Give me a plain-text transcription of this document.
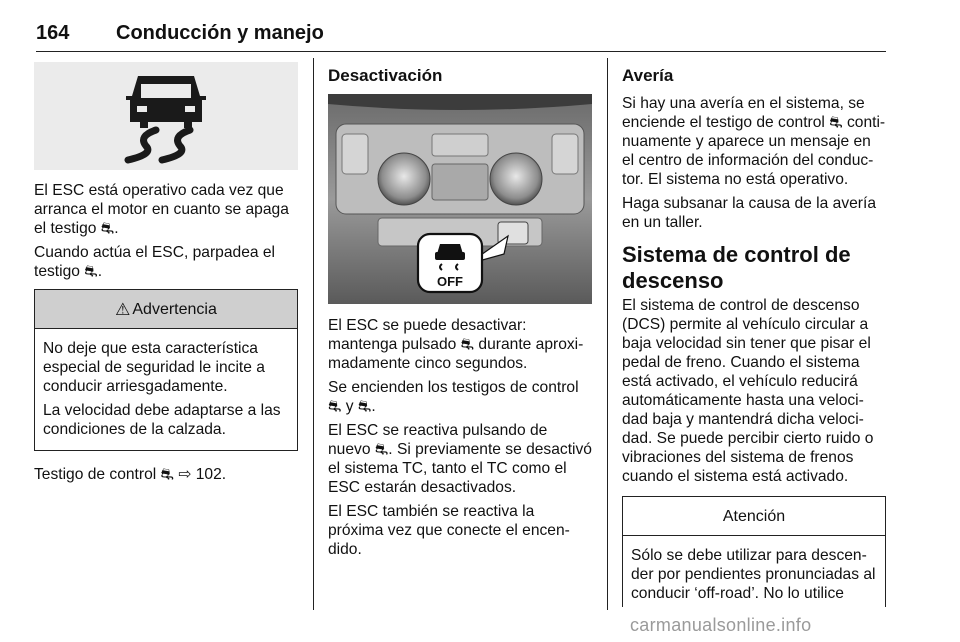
164 Conducción y manejo

El ESC está operativo cada vez que arranca el motor en cuanto se apaga el testigo ⛐.

Cuando actúa el ESC, parpadea el testigo ⛐.

⚠ Advertencia

No deje que esta característica especial de seguridad le incite a conducir arriesgadamente.

La velocidad debe adaptarse a las condiciones de la calzada.

Testigo de control ⛐ ⇨ 102.

Desactivación
OFF

El ESC se puede desactivar: mantenga pulsado ⛐ durante aproxi-madamente cinco segundos.

Se encienden los testigos de control ⛐ y ⛐.

El ESC se reactiva pulsando de nuevo ⛐. Si previamente se desactivó el sistema TC, tanto el TC como el ESC estarán desactivados.

El ESC también se reactiva la próxima vez que conecte el encen-dido.

Avería

Si hay una avería en el sistema, se enciende el testigo de control ⛐ conti-nuamente y aparece un mensaje en el centro de información del conduc-tor. El sistema no está operativo.

Haga subsanar la causa de la avería en un taller.

Sistema de control de descenso

El sistema de control de descenso (DCS) permite al vehículo circular a baja velocidad sin tener que pisar el pedal de freno. Cuando el sistema está activado, el vehículo reducirá automáticamente hasta una veloci-dad baja y mantendrá dicha veloci-dad. Se puede percibir cierto ruido o vibraciones del sistema de frenos cuando el sistema está activado.

Atención

Sólo se debe utilizar para descen-der por pendientes pronunciadas al conducir ‘off-road’. No lo utilice

carmanualsonline.info
